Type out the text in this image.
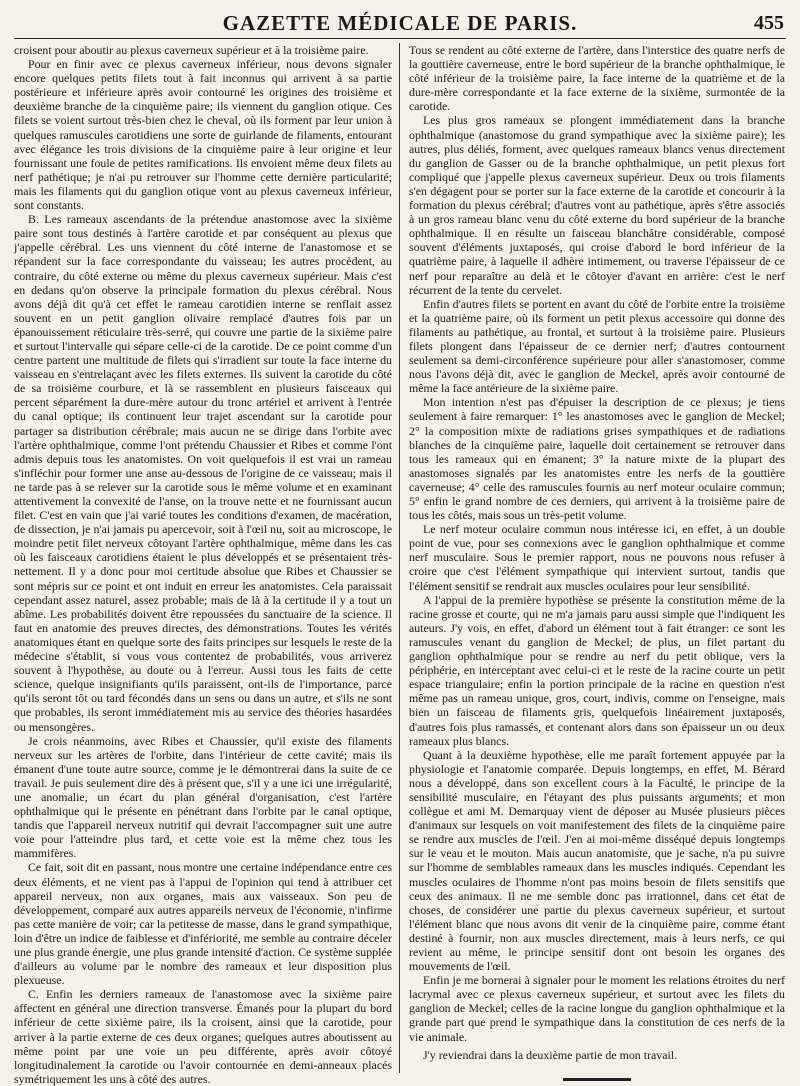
GAZETTE MÉDICALE DE PARIS.	455

croisent pour aboutir au plexus caverneux supérieur et à la troisième paire.

Pour en finir avec ce plexus caverneux inférieur, nous devons signaler encore quelques petits filets tout à fait inconnus qui arrivent à sa partie postérieure et inférieure après avoir contourné les origines des troisième et deuxième branche de la cinquième paire; ils viennent du ganglion otique. Ces filets se voient surtout très-bien chez le cheval, où ils forment par leur union à quelques ramuscules carotidiens une sorte de guirlande de filaments, entourant avec élégance les trois divisions de la cinquième paire à leur origine et leur fournissant une foule de petites ramifications. Ils envoient même deux filets au nerf pathétique; je n'ai pu retrouver sur l'homme cette dernière particularité; mais les filaments qui du ganglion otique vont au plexus caverneux inférieur, sont constants.

B. Les rameaux ascendants de la prétendue anastomose avec la sixième paire sont tous destinés à l'artère carotide et par conséquent au plexus que j'appelle cérébral. Les uns viennent du côté interne de l'anastomose et se répandent sur la face correspondante du vaisseau; les autres procèdent, au contraire, du côté externe ou même du plexus caverneux supérieur. Mais c'est en dedans qu'on observe la principale formation du plexus cérébral. Nous avons déjà dit qu'à cet effet le rameau carotidien interne se renflait assez souvent en un petit ganglion olivaire remplacé d'autres fois par un épanouissement réticulaire très-serré, qui couvre une partie de la sixième paire et surtout l'intervalle qui sépare celle-ci de la carotide. De ce point comme d'un centre partent une multitude de filets qui s'irradient sur toute la face interne du vaisseau en s'entrelaçant avec les filets externes. Ils suivent la carotide du côté de sa troisième courbure, et là se rassemblent en plusieurs faisceaux qui percent séparément la dure-mère autour du tronc artériel et arrivent à l'entrée du canal optique; ils continuent leur trajet ascendant sur la carotide pour partager sa distribution cérébrale; mais aucun ne se dirige dans l'orbite avec l'artère ophthalmique, comme l'ont prétendu Chaussier et Ribes et comme l'ont admis depuis tous les anatomistes. On voit quelquefois il est vrai un rameau s'infléchir pour former une anse au-dessous de l'origine de ce vaisseau; mais il ne tarde pas à se relever sur la carotide sous le même volume et en examinant attentivement la convexité de l'anse, on la trouve nette et ne fournissant aucun filet. C'est en vain que j'ai varié toutes les conditions d'examen, de macération, de dissection, je n'ai jamais pu apercevoir, soit à l'œil nu, soit au microscope, le moindre petit filet nerveux côtoyant l'artère ophthalmique, même dans les cas où les faisceaux carotidiens étaient le plus développés et se présentaient très-nettement. Il y a donc pour moi certitude absolue que Ribes et Chaussier se sont mépris sur ce point et ont induit en erreur les anatomistes. Cela paraissait cependant assez naturel, assez probable; mais de là à la certitude il y a tout un abîme. Les probabilités doivent être repoussées du sanctuaire de la science. Il faut en anatomie des preuves directes, des démonstrations. Toutes les vérités anatomiques étant en quelque sorte des faits principes sur lesquels le reste de la médecine s'établit, si vous vous contentez de probabilités, vous arriverez souvent à l'hypothèse, au doute ou à l'erreur. Aussi tous les faits de cette science, quelque insignifiants qu'ils paraissent, ont-ils de l'importance, parce qu'ils seront tôt ou tard fécondés dans un sens ou dans un autre, et s'ils ne sont que probables, ils seront immédiatement mis au service des théories hasardées ou mensongères.

Je crois néanmoins, avec Ribes et Chaussier, qu'il existe des filaments nerveux sur les artères de l'orbite, dans l'intérieur de cette cavité; mais ils émanent d'une toute autre source, comme je le démontrerai dans la suite de ce travail. Je puis seulement dire dès à présent que, s'il y a une ici une irrégularité, une anomalie, un écart du plan général d'organisation, c'est l'artère ophthalmique qui le présente en pénétrant dans l'orbite par le canal optique, tandis que l'appareil nerveux nutritif qui devrait l'accompagner suit une autre voie pour l'atteindre plus tard, et cette voie est la même chez tous les mammifères.

Ce fait, soit dit en passant, nous montre une certaine indépendance entre ces deux éléments, et ne vient pas à l'appui de l'opinion qui tend à attribuer cet appareil nerveux, non aux organes, mais aux vaisseaux. Son peu de développement, comparé aux autres appareils nerveux de l'économie, n'infirme pas cette manière de voir; car la petitesse de masse, dans le grand sympathique, loin d'être un indice de faiblesse et d'infériorité, me semble au contraire déceler une plus grande énergie, une plus grande intensité d'action. Ce système supplée d'ailleurs au volume par le nombre des rameaux et leur disposition plus plexueuse.

C. Enfin les derniers rameaux de l'anastomose avec la sixième paire affectent en général une direction transverse. Émanés pour la plupart du bord inférieur de cette sixième paire, ils la croisent, ainsi que la carotide, pour arriver à la partie externe de ces deux organes; quelques autres aboutissent au même point par une voie un peu différente, après avoir côtoyé longitudinalement la carotide ou l'avoir contournée en demi-anneaux placés symétriquement les uns à côté des autres.

Tous se rendent au côté externe de l'artère, dans l'interstice des quatre nerfs de la gouttière caverneuse, entre le bord supérieur de la branche ophthalmique, le côté inférieur de la troisième paire, la face interne de la quatrième et de la dure-mère correspondante et la face externe de la sixième, surmontée de la carotide.

Les plus gros rameaux se plongent immédiatement dans la branche ophthalmique (anastomose du grand sympathique avec la sixième paire); les autres, plus déliés, forment, avec quelques rameaux blancs venus directement du ganglion de Gasser ou de la branche ophthalmique, un petit plexus fort compliqué que j'appelle plexus caverneux supérieur. Deux ou trois filaments s'en dégagent pour se porter sur la face externe de la carotide et concourir à la formation du plexus cérébral; d'autres vont au pathétique, après s'être associés à un gros rameau blanc venu du côté externe du bord supérieur de la branche ophthalmique. Il en résulte un faisceau blanchâtre considérable, composé souvent d'éléments juxtaposés, qui croise d'abord le bord inférieur de la quatrième paire, à laquelle il adhère intimement, ou traverse l'épaisseur de ce nerf pour reparaître au delà et le côtoyer d'avant en arrière: c'est le nerf récurrent de la tente du cervelet.

Enfin d'autres filets se portent en avant du côté de l'orbite entre la troisième et la quatrième paire, où ils forment un petit plexus accessoire qui donne des filaments au pathétique, au frontal, et surtout à la troisième paire. Plusieurs filets plongent dans l'épaisseur de ce dernier nerf; d'autres contournent seulement sa demi-circonférence supérieure pour aller s'anastomoser, comme nous l'avons déjà dit, avec le ganglion de Meckel, après avoir contourné de même la face antérieure de la sixième paire.

Mon intention n'est pas d'épuiser la description de ce plexus; je tiens seulement à faire remarquer: 1° les anastomoses avec le ganglion de Meckel; 2° la composition mixte de radiations grises sympathiques et de radiations blanches de la cinquième paire, laquelle doit certainement se retrouver dans tous les rameaux qui en émanent; 3° la nature mixte de la plupart des anastomoses signalés par les anatomistes entre les nerfs de la gouttière caverneuse; 4° celle des ramuscules fournis au nerf moteur oculaire commun; 5° enfin le grand nombre de ces derniers, qui arrivent à la troisième paire de tous les côtés, mais sous un très-petit volume.

Le nerf moteur oculaire commun nous intéresse ici, en effet, à un double point de vue, pour ses connexions avec le ganglion ophthalmique et comme nerf musculaire. Sous le premier rapport, nous ne pouvons nous refuser à croire que c'est l'élément sympathique qui intervient surtout, tandis que l'élément sensitif se rendrait aux muscles oculaires pour leur sensibilité.

A l'appui de la première hypothèse se présente la constitution même de la racine grosse et courte, qui ne m'a jamais paru aussi simple que l'indiquent les auteurs. J'y vois, en effet, d'abord un élément tout à fait étranger: ce sont les ramuscules venant du ganglion de Meckel; de plus, un filet partant du ganglion ophthalmique pour se rendre au nerf du petit oblique, vers la périphérie, en interceptant avec celui-ci et le reste de la racine courte un petit espace triangulaire; enfin la portion principale de la racine en question n'est même pas un rameau unique, gros, court, indivis, comme on l'enseigne, mais bien un faisceau de filaments gris, quelquefois linéairement juxtaposés, d'autres fois plus ramassés, et contenant alors dans son épaisseur un ou deux rameaux plus blancs.

Quant à la deuxième hypothèse, elle me paraît fortement appuyée par la physiologie et l'anatomie comparée. Depuis longtemps, en effet, M. Bérard nous a développé, dans son excellent cours à la Faculté, le principe de la sensibilité musculaire, en l'étayant des plus puissants arguments; et mon collègue et ami M. Demarquay vient de déposer au Musée plusieurs pièces d'animaux sur lesquels on voit manifestement des filets de la cinquième paire se rendre aux muscles de l'œil. J'en ai moi-même disséqué depuis longtemps sur le veau et le mouton. Mais aucun anatomiste, que je sache, n'a pu suivre sur l'homme de semblables rameaux dans les muscles indiqués. Cependant les muscles oculaires de l'homme n'ont pas moins besoin de filets sensitifs que ceux des animaux. Il ne me semble donc pas irrationnel, dans cet état de choses, de considérer une partie du plexus caverneux supérieur, et surtout l'élément blanc que nous avons dit venir de la cinquième paire, comme étant destiné à fournir, non aux muscles directement, mais à leurs nerfs, ce qui revient au même, le principe sensitif dont ont besoin les organes des mouvements de l'œil.

Enfin je me bornerai à signaler pour le moment les relations étroites du nerf lacrymal avec ce plexus caverneux supérieur, et surtout avec les filets du ganglion de Meckel; celles de la racine longue du ganglion ophthalmique et la grande part que prend le sympathique dans la constitution de ces nerfs de la vie animale.

J'y reviendrai dans la deuxième partie de mon travail.
